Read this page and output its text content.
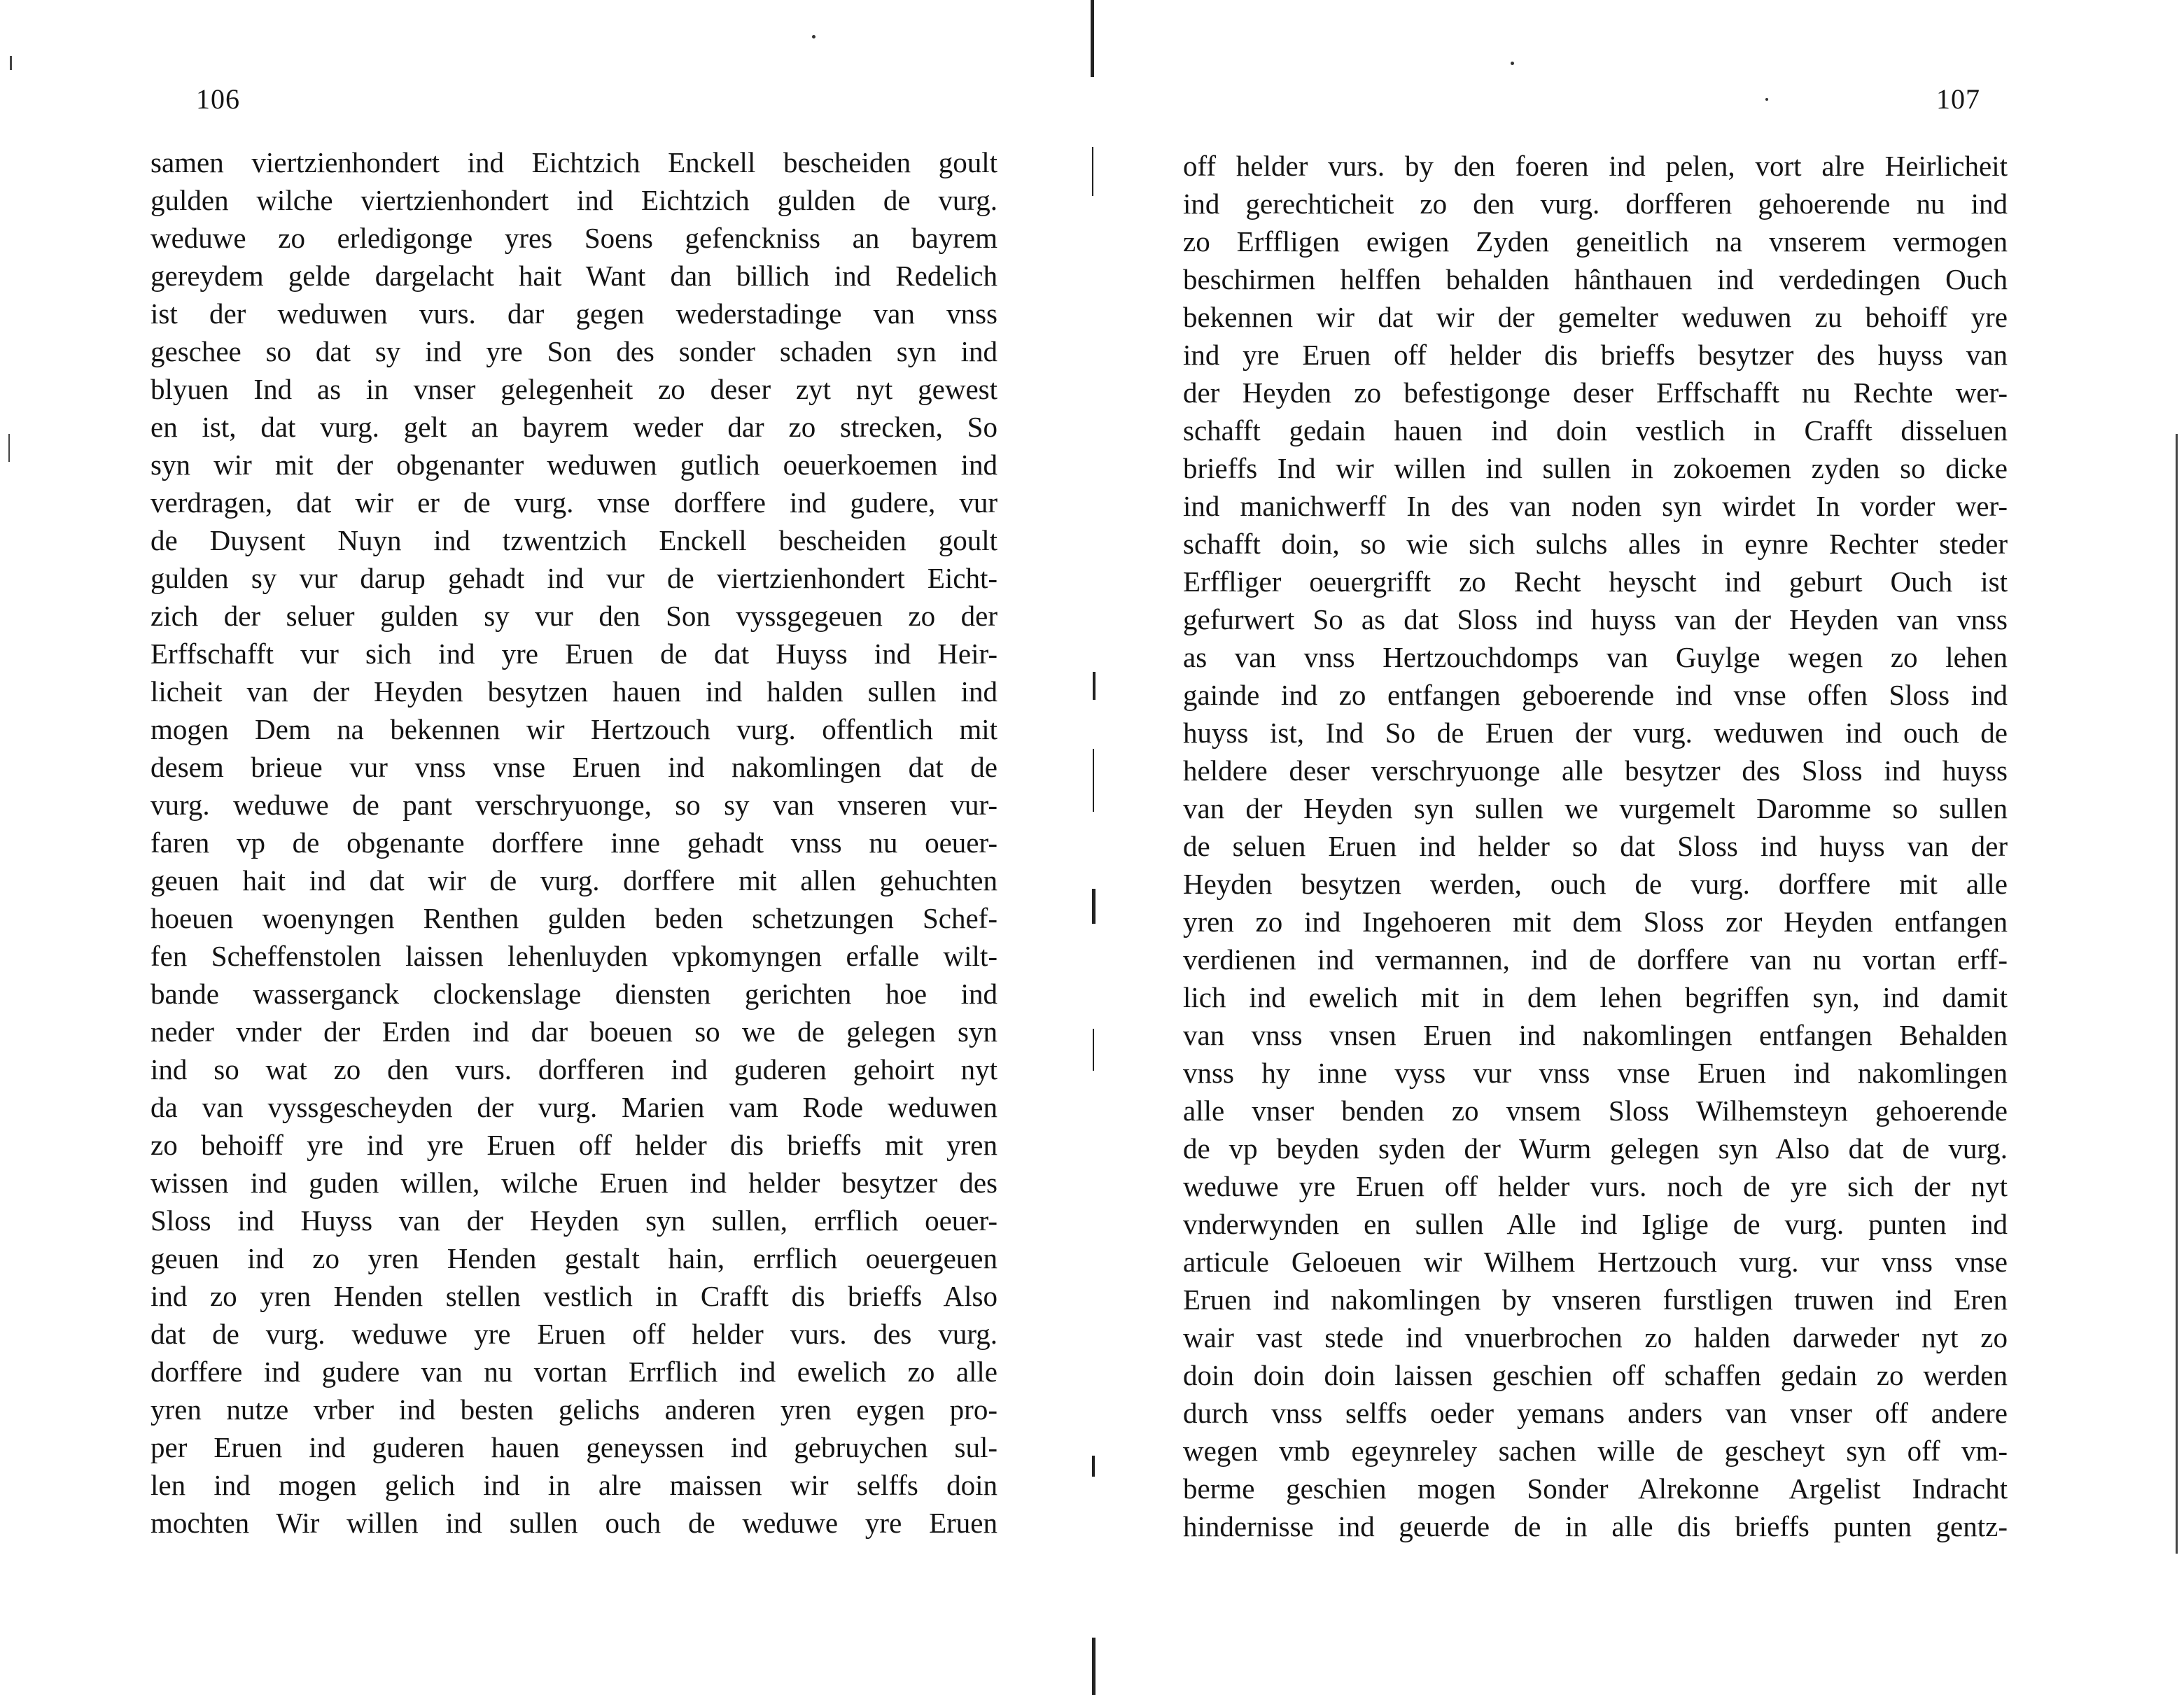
106
samen viertzienhondert ind Eichtzich Enckell bescheiden goult
gulden wilche viertzienhondert ind Eichtzich gulden de vurg.
weduwe zo erledigonge yres Soens gefenckniss an bayrem
gereydem gelde dargelacht hait Want dan billich ind Redelich
ist der weduwen vurs. dar gegen wederstadinge van vnss
geschee so dat sy ind yre Son des sonder schaden syn ind
blyuen Ind as in vnser gelegenheit zo deser zyt nyt gewest
en ist, dat vurg. gelt an bayrem weder dar zo strecken, So
syn wir mit der obgenanter weduwen gutlich oeuerkoemen ind
verdragen, dat wir er de vurg. vnse dorffere ind gudere, vur
de Duysent Nuyn ind tzwentzich Enckell bescheiden goult
gulden sy vur darup gehadt ind vur de viertzienhondert Eicht-
zich der seluer gulden sy vur den Son vyssgegeuen zo der
Erffschafft vur sich ind yre Eruen de dat Huyss ind Heir-
licheit van der Heyden besytzen hauen ind halden sullen ind
mogen Dem na bekennen wir Hertzouch vurg. offentlich mit
desem brieue vur vnss vnse Eruen ind nakomlingen dat de
vurg. weduwe de pant verschryuonge, so sy van vnseren vur-
faren vp de obgenante dorffere inne gehadt vnss nu oeuer-
geuen hait ind dat wir de vurg. dorffere mit allen gehuchten
hoeuen woenyngen Renthen gulden beden schetzungen Schef-
fen Scheffenstolen laissen lehenluyden vpkomyngen erfalle wilt-
bande wasserganck clockenslage diensten gerichten hoe ind
neder vnder der Erden ind dar boeuen so we de gelegen syn
ind so wat zo den vurs. dorfferen ind guderen gehoirt nyt
da van vyssgescheyden der vurg. Marien vam Rode weduwen
zo behoiff yre ind yre Eruen off helder dis brieffs mit yren
wissen ind guden willen, wilche Eruen ind helder besytzer des
Sloss ind Huyss van der Heyden syn sullen, errflich oeuer-
geuen ind zo yren Henden gestalt hain, errflich oeuergeuen
ind zo yren Henden stellen vestlich in Crafft dis brieffs Also
dat de vurg. weduwe yre Eruen off helder vurs. des vurg.
dorffere ind gudere van nu vortan Errflich ind ewelich zo alle
yren nutze vrber ind besten gelichs anderen yren eygen pro-
per Eruen ind guderen hauen geneyssen ind gebruychen sul-
len ind mogen gelich ind in alre maissen wir selffs doin
mochten Wir willen ind sullen ouch de weduwe yre Eruen
107
off helder vurs. by den foeren ind pelen, vort alre Heirlicheit
ind gerechticheit zo den vurg. dorfferen gehoerende nu ind
zo Erffligen ewigen Zyden geneitlich na vnserem vermogen
beschirmen helffen behalden hânthauen ind verdedingen Ouch
bekennen wir dat wir der gemelter weduwen zu behoiff yre
ind yre Eruen off helder dis brieffs besytzer des huyss van
der Heyden zo befestigonge deser Erffschafft nu Rechte wer-
schafft gedain hauen ind doin vestlich in Crafft disseluen
brieffs Ind wir willen ind sullen in zokoemen zyden so dicke
ind manichwerff In des van noden syn wirdet In vorder wer-
schafft doin, so wie sich sulchs alles in eynre Rechter steder
Erffliger oeuergrifft zo Recht heyscht ind geburt Ouch ist
gefurwert So as dat Sloss ind huyss van der Heyden van vnss
as van vnss Hertzouchdomps van Guylge wegen zo lehen
gainde ind zo entfangen geboerende ind vnse offen Sloss ind
huyss ist, Ind So de Eruen der vurg. weduwen ind ouch de
heldere deser verschryuonge alle besytzer des Sloss ind huyss
van der Heyden syn sullen we vurgemelt Daromme so sullen
de seluen Eruen ind helder so dat Sloss ind huyss van der
Heyden besytzen werden, ouch de vurg. dorffere mit alle
yren zo ind Ingehoeren mit dem Sloss zor Heyden entfangen
verdienen ind vermannen, ind de dorffere van nu vortan erff-
lich ind ewelich mit in dem lehen begriffen syn, ind damit
van vnss vnsen Eruen ind nakomlingen entfangen Behalden
vnss hy inne vyss vur vnss vnse Eruen ind nakomlingen
alle vnser benden zo vnsem Sloss Wilhemsteyn gehoerende
de vp beyden syden der Wurm gelegen syn Also dat de vurg.
weduwe yre Eruen off helder vurs. noch de yre sich der nyt
vnderwynden en sullen Alle ind Iglige de vurg. punten ind
articule Geloeuen wir Wilhem Hertzouch vurg. vur vnss vnse
Eruen ind nakomlingen by vnseren furstligen truwen ind Eren
wair vast stede ind vnuerbrochen zo halden darweder nyt zo
doin doin doin laissen geschien off schaffen gedain zo werden
durch vnss selffs oeder yemans anders van vnser off andere
wegen vmb egeynreley sachen wille de gescheyt syn off vm-
berme geschien mogen Sonder Alrekonne Argelist Indracht
hindernisse ind geuerde de in alle dis brieffs punten gentz-
